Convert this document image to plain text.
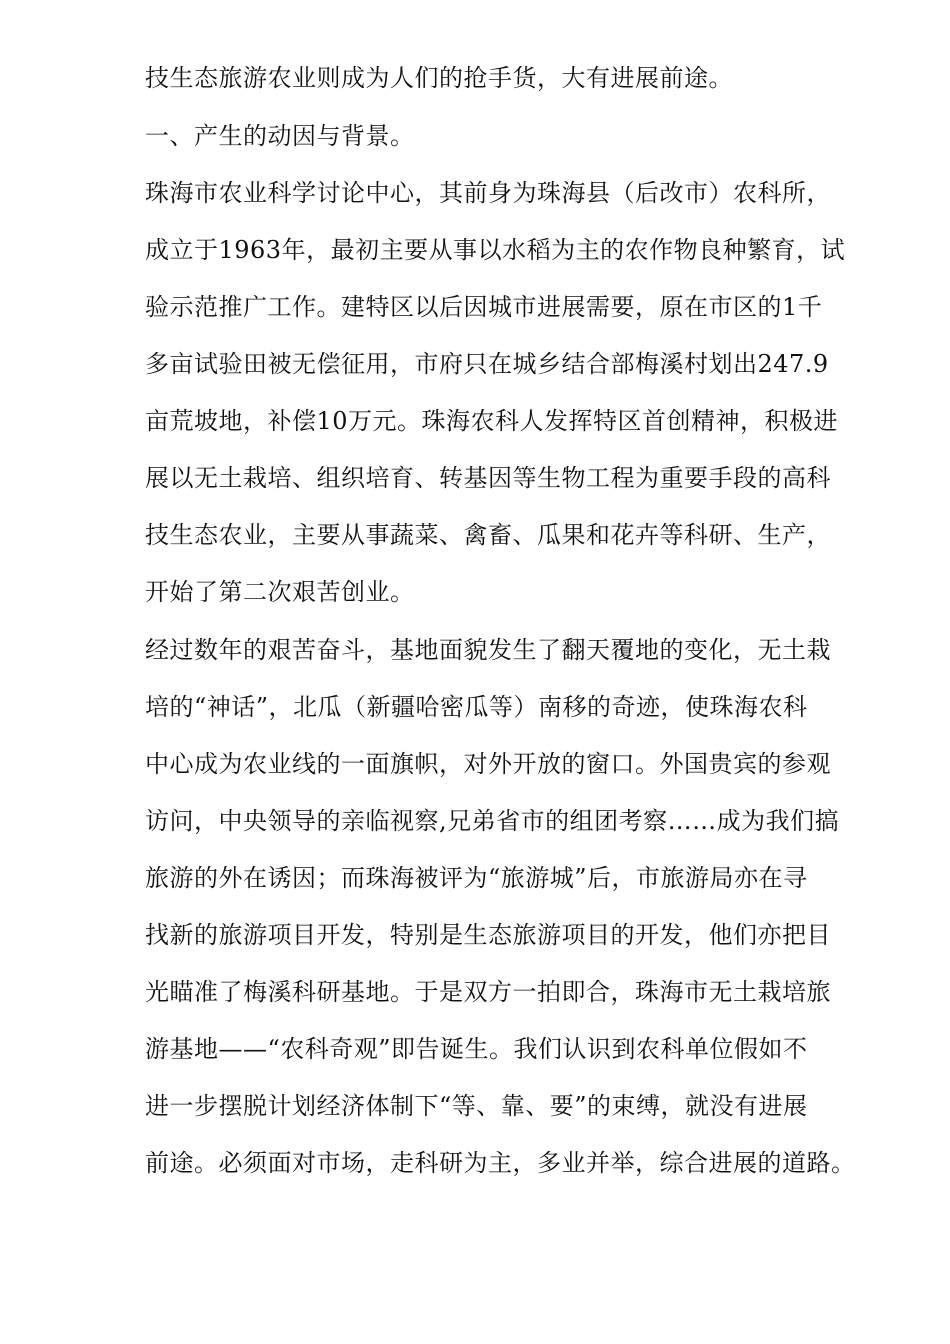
技生态旅游农业则成为人们的抢手货，大有进展前途。
一、产生的动因与背景。
珠海市农业科学讨论中心，其前身为珠海县（后改市）农科所，
成立于1963年，最初主要从事以水稻为主的农作物良种繁育，试
验示范推广工作。建特区以后因城市进展需要，原在市区的1千
多亩试验田被无偿征用，市府只在城乡结合部梅溪村划出247.9
亩荒坡地，补偿10万元。珠海农科人发挥特区首创精神，积极进
展以无土栽培、组织培育、转基因等生物工程为重要手段的高科
技生态农业，主要从事蔬菜、禽畜、瓜果和花卉等科研、生产，
开始了第二次艰苦创业。
经过数年的艰苦奋斗，基地面貌发生了翻天覆地的变化，无土栽
培的“神话”，北瓜（新疆哈密瓜等）南移的奇迹，使珠海农科
中心成为农业线的一面旗帜，对外开放的窗口。外国贵宾的参观
访问，中央领导的亲临视察,兄弟省市的组团考察……成为我们搞
旅游的外在诱因；而珠海被评为“旅游城”后，市旅游局亦在寻
找新的旅游项目开发，特别是生态旅游项目的开发，他们亦把目
光瞄准了梅溪科研基地。于是双方一拍即合，珠海市无土栽培旅
游基地——“农科奇观”即告诞生。我们认识到农科单位假如不
进一步摆脱计划经济体制下“等、靠、要”的束缚，就没有进展
前途。必须面对市场，走科研为主，多业并举，综合进展的道路。
